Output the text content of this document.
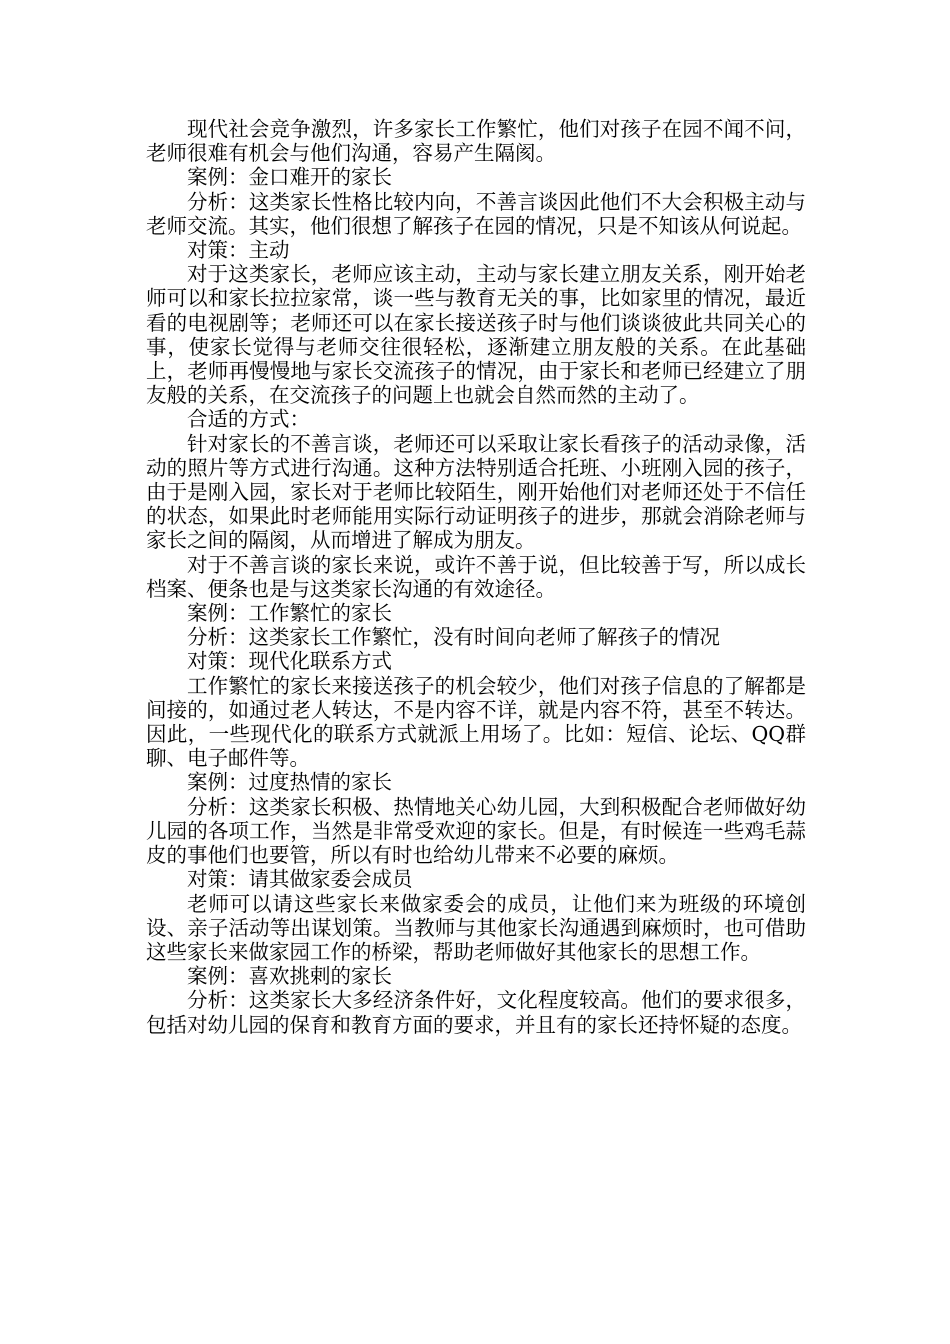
现代社会竞争激烈，许多家长工作繁忙，他们对孩子在园不闻不问，老师很难有机会与他们沟通，容易产生隔阂。

案例：金口难开的家长

分析：这类家长性格比较内向，不善言谈因此他们不大会积极主动与老师交流。其实，他们很想了解孩子在园的情况，只是不知该从何说起。

对策：主动

对于这类家长，老师应该主动，主动与家长建立朋友关系，刚开始老师可以和家长拉拉家常，谈一些与教育无关的事，比如家里的情况，最近看的电视剧等；老师还可以在家长接送孩子时与他们谈谈彼此共同关心的事，使家长觉得与老师交往很轻松，逐渐建立朋友般的关系。在此基础上，老师再慢慢地与家长交流孩子的情况，由于家长和老师已经建立了朋友般的关系，在交流孩子的问题上也就会自然而然的主动了。

合适的方式：

针对家长的不善言谈，老师还可以采取让家长看孩子的活动录像，活动的照片等方式进行沟通。这种方法特别适合托班、小班刚入园的孩子，由于是刚入园，家长对于老师比较陌生，刚开始他们对老师还处于不信任的状态，如果此时老师能用实际行动证明孩子的进步，那就会消除老师与家长之间的隔阂，从而增进了解成为朋友。

对于不善言谈的家长来说，或许不善于说，但比较善于写，所以成长档案、便条也是与这类家长沟通的有效途径。

案例：工作繁忙的家长

分析：这类家长工作繁忙，没有时间向老师了解孩子的情况

对策：现代化联系方式

工作繁忙的家长来接送孩子的机会较少，他们对孩子信息的了解都是间接的，如通过老人转达，不是内容不详，就是内容不符，甚至不转达。因此，一些现代化的联系方式就派上用场了。比如：短信、论坛、QQ群聊、电子邮件等。

案例：过度热情的家长

分析：这类家长积极、热情地关心幼儿园，大到积极配合老师做好幼儿园的各项工作，当然是非常受欢迎的家长。但是，有时候连一些鸡毛蒜皮的事他们也要管，所以有时也给幼儿带来不必要的麻烦。

对策：请其做家委会成员

老师可以请这些家长来做家委会的成员，让他们来为班级的环境创设、亲子活动等出谋划策。当教师与其他家长沟通遇到麻烦时，也可借助这些家长来做家园工作的桥梁，帮助老师做好其他家长的思想工作。

案例：喜欢挑剌的家长

分析：这类家长大多经济条件好，文化程度较高。他们的要求很多，包括对幼儿园的保育和教育方面的要求，并且有的家长还持怀疑的态度。
